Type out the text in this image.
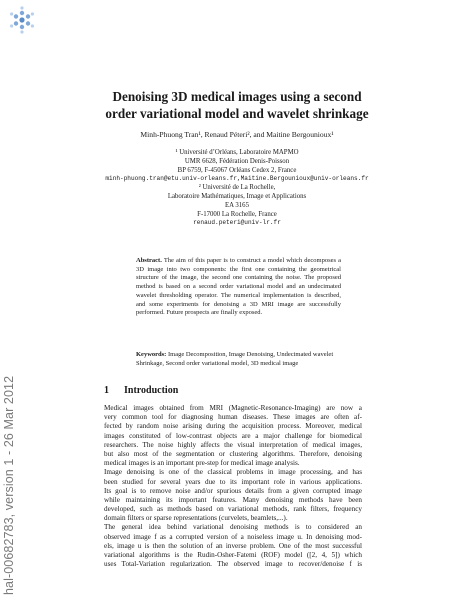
hal-00682783, version 1 - 26 Mar 2012
Denoising 3D medical images using a second
order variational model and wavelet shrinkage
Minh-Phuong Tran¹, Renaud Péteri², and Maitine Bergounioux¹
¹ Université d’Orléans, Laboratoire MAPMO
UMR 6628, Fédération Denis-Poisson
BP 6759, F-45067 Orléans Cedex 2, France
minh-phuong.tran@etu.univ-orleans.fr,Maitine.Bergounioux@univ-orleans.fr
² Université de La Rochelle,
Laboratoire Mathématiques, Image et Applications
EA 3165
F-17000 La Rochelle, France
renaud.peteri@univ-lr.fr
Abstract. The aim of this paper is to construct a model which decomposes a 3D image into two components: the first one containing the geometrical structure of the image, the second one containing the noise. The proposed method is based on a second order variational model and an undecimated wavelet thresholding operator. The numerical implementation is described, and some experiments for denoising a 3D MRI image are successfully performed. Future prospects are finally exposed.
Keywords: Image Decomposition, Image Denoising, Undecimated wavelet Shrinkage, Second order variational model, 3D medical image
1 Introduction
Medical images obtained from MRI (Magnetic-Resonance-Imaging) are now a
very common tool for diagnosing human diseases. These images are often af-
fected by random noise arising during the acquisition process. Moreover, medical
images constituted of low-contrast objects are a major challenge for biomedical
researchers. The noise highly affects the visual interpretation of medical images,
but also most of the segmentation or clustering algorithms. Therefore, denoising
medical images is an important pre-step for medical image analysis.
Image denoising is one of the classical problems in image processing, and has
been studied for several years due to its important role in various applications.
Its goal is to remove noise and/or spurious details from a given corrupted image
while maintaining its important features. Many denoising methods have been
developed, such as methods based on variational methods, rank filters, frequency
domain filters or sparse representations (curvelets, beamlets,...).
The general idea behind variational denoising methods is to considered an
observed image f as a corrupted version of a noiseless image u. In denoising mod-
els, image u is then the solution of an inverse problem. One of the most successful
variational algorithms is the Rudin-Osher-Fatemi (ROF) model ([2, 4, 5]) which
uses Total-Variation regularization. The observed image to recover/denoise f is
